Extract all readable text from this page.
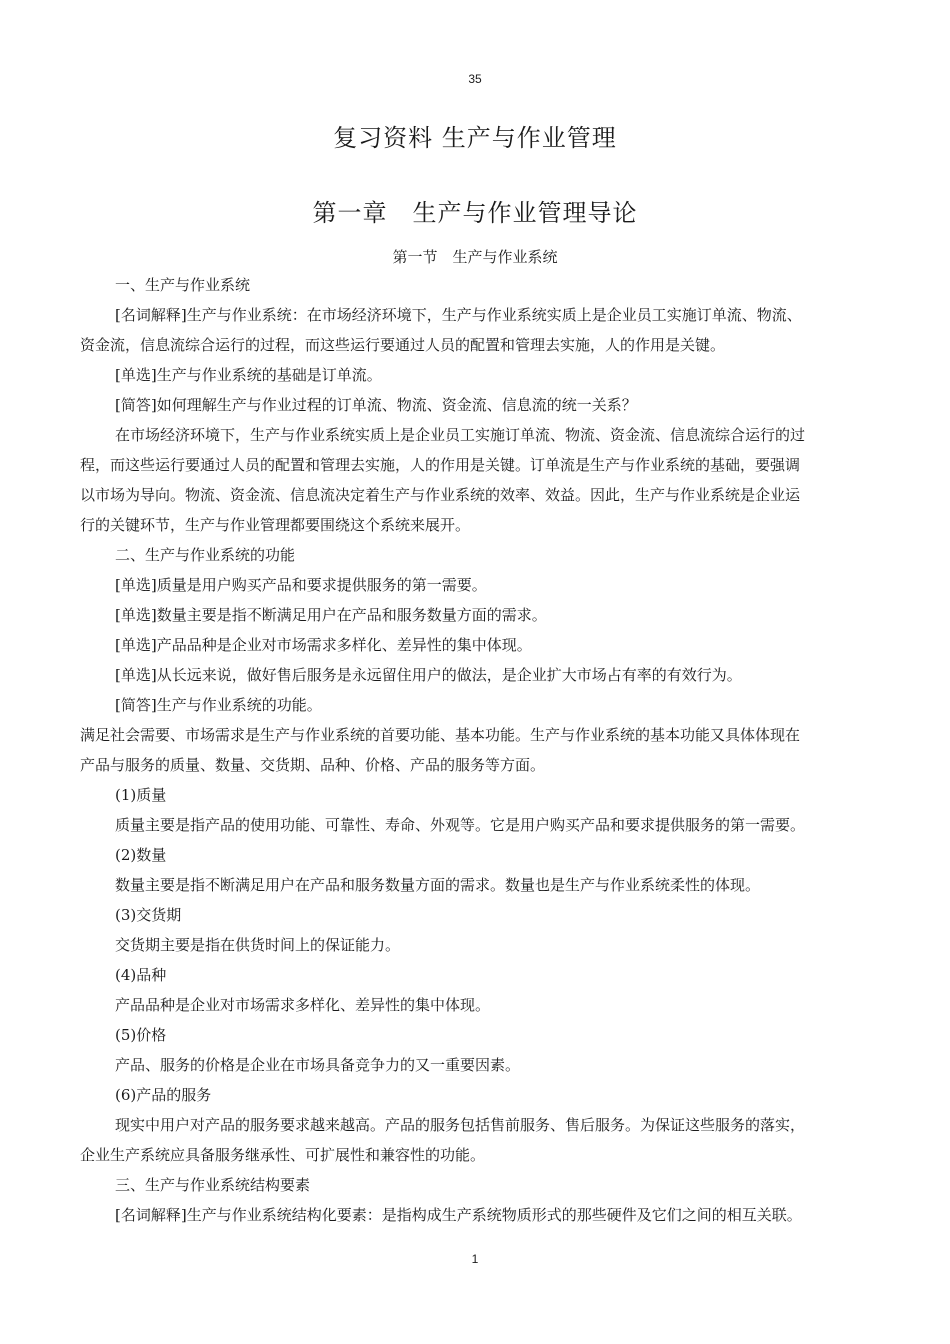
35
复习资料 生产与作业管理
第一章　生产与作业管理导论
第一节　生产与作业系统
一、生产与作业系统
[名词解释]生产与作业系统：在市场经济环境下，生产与作业系统实质上是企业员工实施订单流、物流、
资金流，信息流综合运行的过程，而这些运行要通过人员的配置和管理去实施，人的作用是关键。
[单选]生产与作业系统的基础是订单流。
[简答]如何理解生产与作业过程的订单流、物流、资金流、信息流的统一关系？
在市场经济环境下，生产与作业系统实质上是企业员工实施订单流、物流、资金流、信息流综合运行的过
程，而这些运行要通过人员的配置和管理去实施，人的作用是关键。订单流是生产与作业系统的基础，要强调
以市场为导向。物流、资金流、信息流决定着生产与作业系统的效率、效益。因此，生产与作业系统是企业运
行的关键环节，生产与作业管理都要围绕这个系统来展开。
二、生产与作业系统的功能
[单选]质量是用户购买产品和要求提供服务的第一需要。
[单选]数量主要是指不断满足用户在产品和服务数量方面的需求。
[单选]产品品种是企业对市场需求多样化、差异性的集中体现。
[单选]从长远来说，做好售后服务是永远留住用户的做法，是企业扩大市场占有率的有效行为。
[简答]生产与作业系统的功能。
满足社会需要、市场需求是生产与作业系统的首要功能、基本功能。生产与作业系统的基本功能又具体体现在
产品与服务的质量、数量、交货期、品种、价格、产品的服务等方面。
(1)质量
质量主要是指产品的使用功能、可靠性、寿命、外观等。它是用户购买产品和要求提供服务的第一需要。
(2)数量
数量主要是指不断满足用户在产品和服务数量方面的需求。数量也是生产与作业系统柔性的体现。
(3)交货期
交货期主要是指在供货时间上的保证能力。
(4)品种
产品品种是企业对市场需求多样化、差异性的集中体现。
(5)价格
产品、服务的价格是企业在市场具备竞争力的又一重要因素。
(6)产品的服务
现实中用户对产品的服务要求越来越高。产品的服务包括售前服务、售后服务。为保证这些服务的落实，
企业生产系统应具备服务继承性、可扩展性和兼容性的功能。
三、生产与作业系统结构要素
[名词解释]生产与作业系统结构化要素：是指构成生产系统物质形式的那些硬件及它们之间的相互关联。
1
